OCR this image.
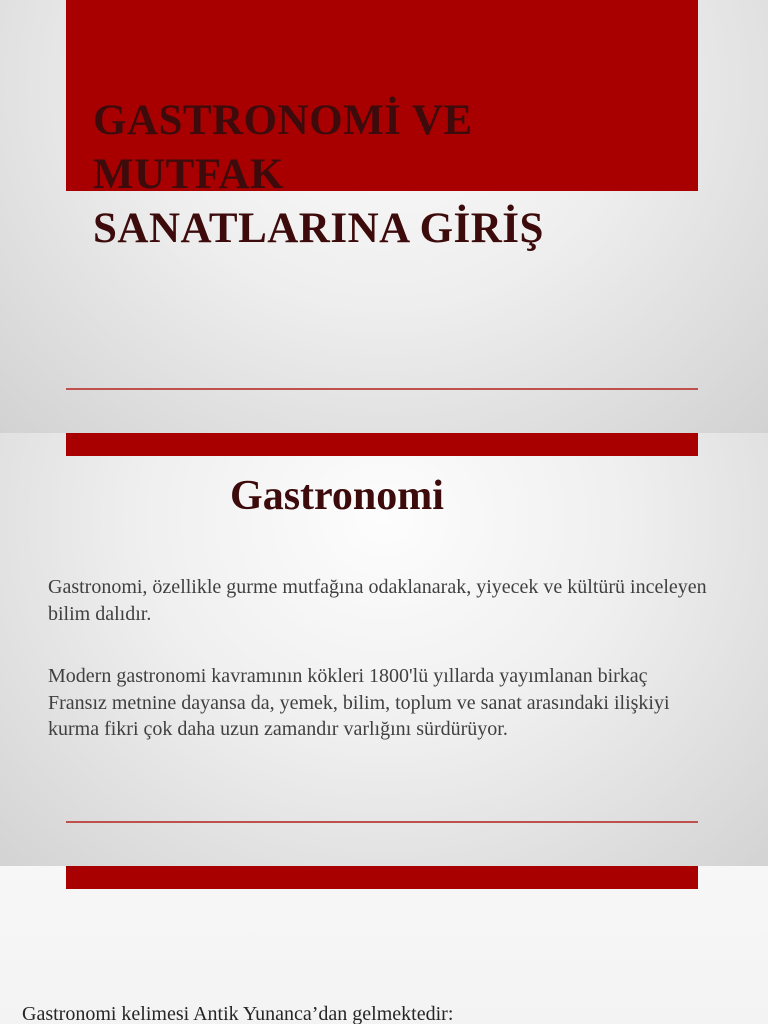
GASTRONOMİ VE
MUTFAK
SANATLARINA GİRİŞ
Gastronomi

Gastronomi, özellikle gurme mutfağına odaklanarak, yiyecek ve kültürü inceleyen bilim dalıdır.

Modern gastronomi kavramının kökleri 1800'lü yıllarda yayımlanan birkaç Fransız metnine dayansa da, yemek, bilim, toplum ve sanat arasındaki ilişkiyi kurma fikri çok daha uzun zamandır varlığını sürdürüyor.

Gastronomi kelimesi Antik Yunanca’dan gelmektedir:
